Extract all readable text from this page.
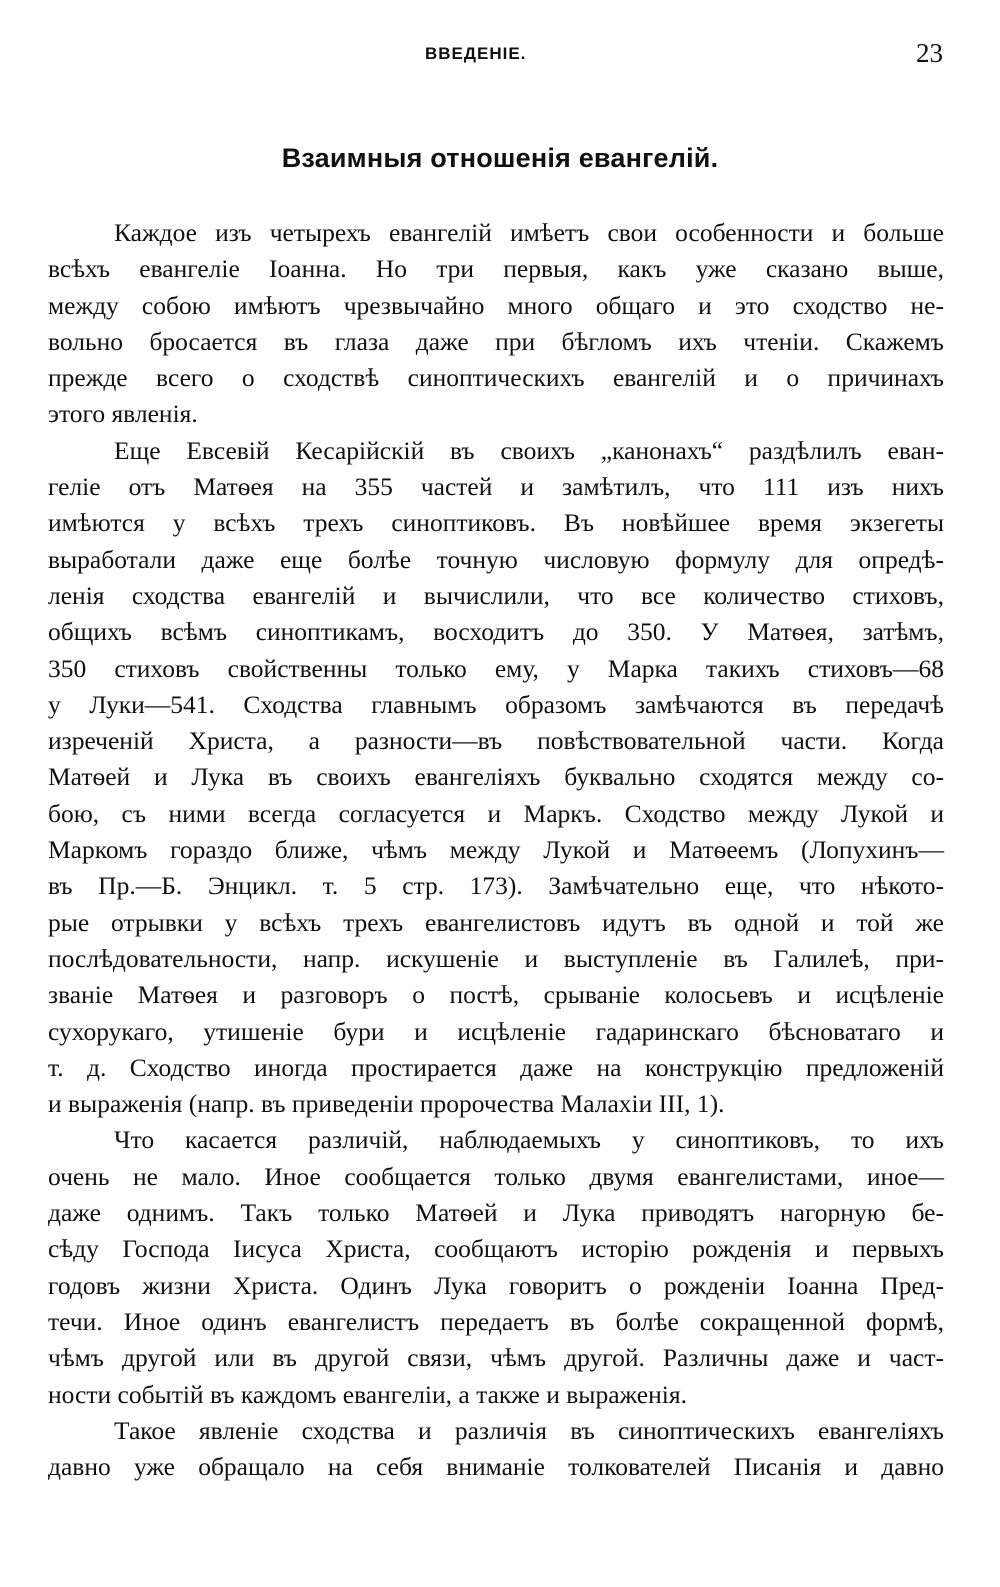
ВВЕДЕНІЕ.	23
Взаимныя отношенія евангелій.
Каждое изъ четырехъ евангелій имѣетъ свои особенности и больше
всѣхъ евангеліе Іоанна. Но три первыя, какъ уже сказано выше,
между собою имѣютъ чрезвычайно много общаго и это сходство не-
вольно бросается въ глаза даже при бѣгломъ ихъ чтеніи. Скажемъ
прежде всего о сходствѣ синоптическихъ евангелій и о причинахъ
этого явленія.
Еще Евсевій Кесарійскій въ своихъ „канонахъ“ раздѣлилъ еван-
геліе отъ Матѳея на 355 частей и замѣтилъ, что 111 изъ нихъ
имѣются у всѣхъ трехъ синоптиковъ. Въ новѣйшее время экзегеты
выработали даже еще болѣе точную числовую формулу для опредѣ-
ленія сходства евангелій и вычислили, что все количество стиховъ,
общихъ всѣмъ синоптикамъ, восходитъ до 350. У Матѳея, затѣмъ,
350 стиховъ свойственны только ему, у Марка такихъ стиховъ—68
у Луки—541. Сходства главнымъ образомъ замѣчаются въ передачѣ
изреченій Христа, а разности—въ повѣствовательной части. Когда
Матѳей и Лука въ своихъ евангеліяхъ буквально сходятся между со-
бою, съ ними всегда согласуется и Маркъ. Сходство между Лукой и
Маркомъ гораздо ближе, чѣмъ между Лукой и Матѳеемъ (Лопухинъ—
въ Пр.—Б. Энцикл. т. 5 стр. 173). Замѣчательно еще, что нѣкото-
рые отрывки у всѣхъ трехъ евангелистовъ идутъ въ одной и той же
послѣдовательности, напр. искушеніе и выступленіе въ Галилеѣ, при-
званіе Матѳея и разговоръ о постѣ, срываніе колосьевъ и исцѣленіе
сухорукаго, утишеніе бури и исцѣленіе гадаринскаго бѣсноватаго и
т. д. Сходство иногда простирается даже на конструкцію предложеній
и выраженія (напр. въ приведеніи пророчества Малахіи III, 1).
Что касается различій, наблюдаемыхъ у синоптиковъ, то ихъ
очень не мало. Иное сообщается только двумя евангелистами, иное—
даже однимъ. Такъ только Матѳей и Лука приводятъ нагорную бе-
сѣду Господа Іисуса Христа, сообщаютъ исторію рожденія и первыхъ
годовъ жизни Христа. Одинъ Лука говоритъ о рожденіи Іоанна Пред-
течи. Иное одинъ евангелистъ передаетъ въ болѣе сокращенной формѣ,
чѣмъ другой или въ другой связи, чѣмъ другой. Различны даже и част-
ности событій въ каждомъ евангеліи, а также и выраженія.
Такое явленіе сходства и различія въ синоптическихъ евангеліяхъ
давно уже обращало на себя вниманіе толкователей Писанія и давно
